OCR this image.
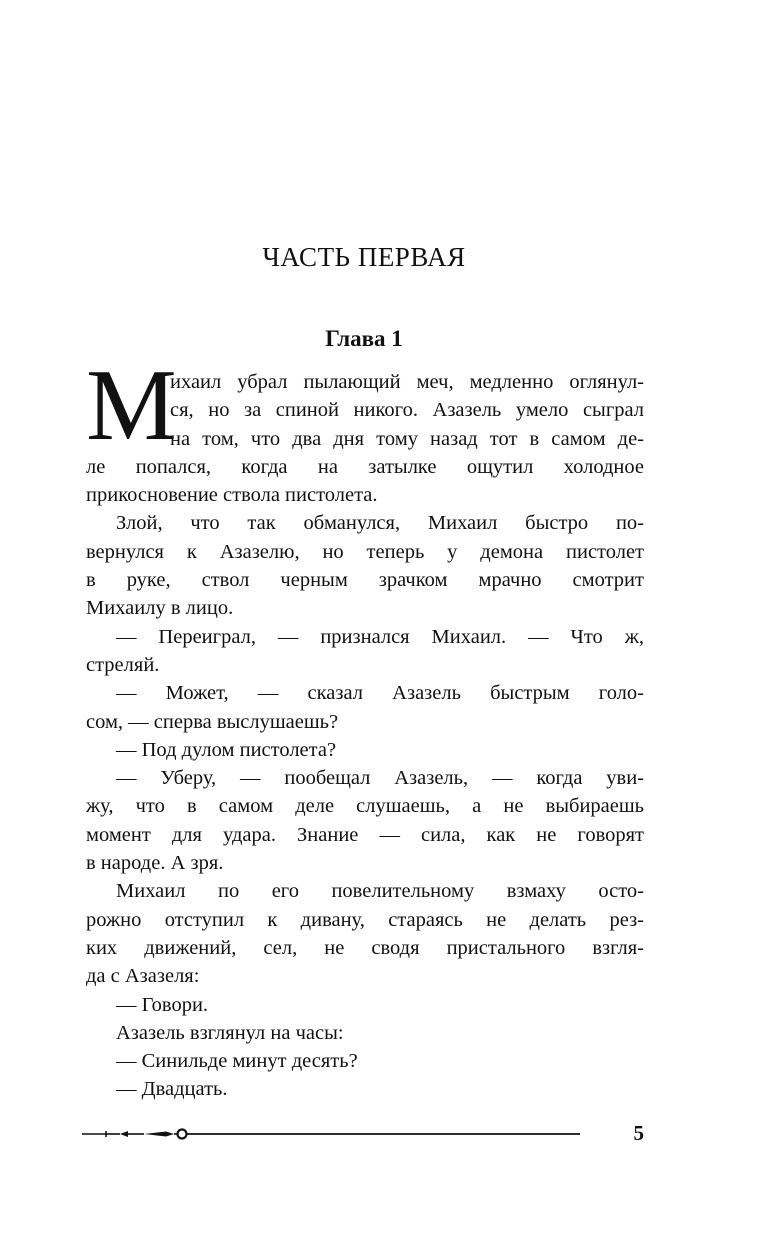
ЧАСТЬ ПЕРВАЯ
Глава 1
М
ихаил убрал пылающий меч, медленно оглянул-
ся, но за спиной никого. Азазель умело сыграл
на том, что два дня тому назад тот в самом де-
ле попался, когда на затылке ощутил холодное
прикосновение ствола пистолета.
Злой, что так обманулся, Михаил быстро по-
вернулся к Азазелю, но теперь у демона пистолет
в руке, ствол черным зрачком мрачно смотрит
Михаилу в лицо.
— Переиграл, — признался Михаил. — Что ж,
стреляй.
— Может, — сказал Азазель быстрым голо-
сом, — сперва выслушаешь?
— Под дулом пистолета?
— Уберу, — пообещал Азазель, — когда уви-
жу, что в самом деле слушаешь, а не выбираешь
момент для удара. Знание — сила, как не говорят
в народе. А зря.
Михаил по его повелительному взмаху осто-
рожно отступил к дивану, стараясь не делать рез-
ких движений, сел, не сводя пристального взгля-
да с Азазеля:
— Говори.
Азазель взглянул на часы:
— Синильде минут десять?
— Двадцать.
5
